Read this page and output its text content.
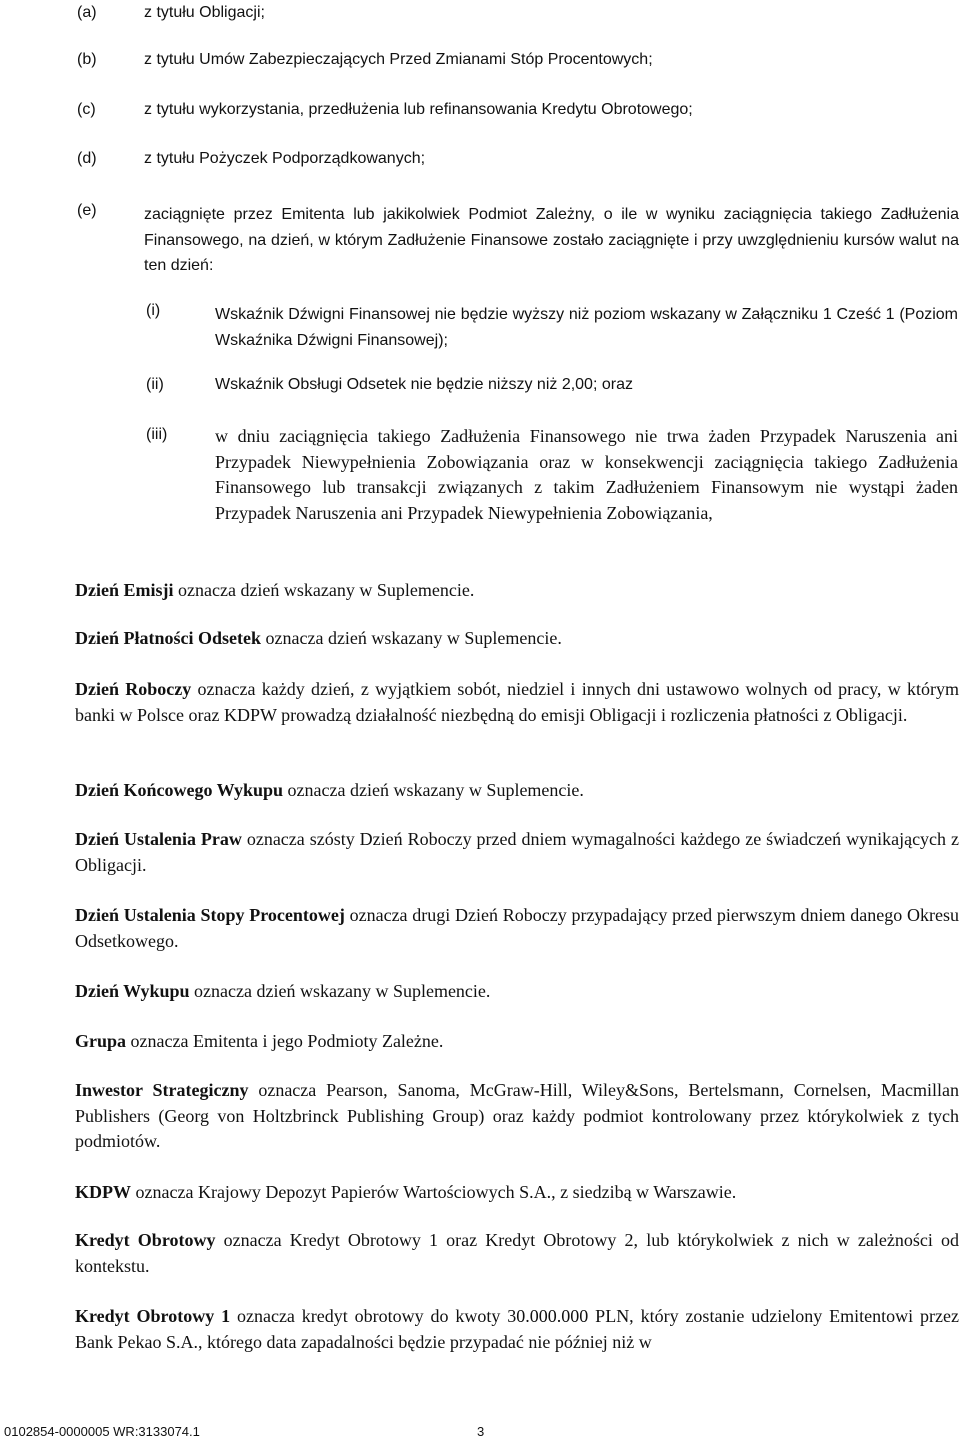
(a)	z tytułu Obligacji;
(b)	z tytułu Umów Zabezpieczających Przed Zmianami Stóp Procentowych;
(c)	z tytułu wykorzystania, przedłużenia lub refinansowania Kredytu Obrotowego;
(d)	z tytułu Pożyczek Podporządkowanych;
(e)	zaciągnięte przez Emitenta lub jakikolwiek Podmiot Zależny, o ile w wyniku zaciągnięcia takiego Zadłużenia Finansowego, na dzień, w którym Zadłużenie Finansowe zostało zaciągnięte i przy uwzględnieniu kursów walut na ten dzień:
(i)	Wskaźnik Dźwigni Finansowej nie będzie wyższy niż poziom wskazany w Załączniku 1 Cześć 1 (Poziom Wskaźnika Dźwigni Finansowej);
(ii)	Wskaźnik Obsługi Odsetek nie będzie niższy niż 2,00; oraz
(iii)	w dniu zaciągnięcia takiego Zadłużenia Finansowego nie trwa żaden Przypadek Naruszenia ani Przypadek Niewypełnienia Zobowiązania oraz w konsekwencji zaciągnięcia takiego Zadłużenia Finansowego lub transakcji związanych z takim Zadłużeniem Finansowym nie wystąpi żaden Przypadek Naruszenia ani Przypadek Niewypełnienia Zobowiązania,

Dzień Emisji oznacza dzień wskazany w Suplemencie.

Dzień Płatności Odsetek oznacza dzień wskazany w Suplemencie.

Dzień Roboczy oznacza każdy dzień, z wyjątkiem sobót, niedziel i innych dni ustawowo wolnych od pracy, w którym banki w Polsce oraz KDPW prowadzą działalność niezbędną do emisji Obligacji i rozliczenia płatności z Obligacji.

Dzień Końcowego Wykupu oznacza dzień wskazany w Suplemencie.

Dzień Ustalenia Praw oznacza szósty Dzień Roboczy przed dniem wymagalności każdego ze świadczeń wynikających z Obligacji.

Dzień Ustalenia Stopy Procentowej oznacza drugi Dzień Roboczy przypadający przed pierwszym dniem danego Okresu Odsetkowego.

Dzień Wykupu oznacza dzień wskazany w Suplemencie.

Grupa oznacza Emitenta i jego Podmioty Zależne.

Inwestor Strategiczny oznacza Pearson, Sanoma, McGraw-Hill, Wiley&Sons, Bertelsmann, Cornelsen, Macmillan Publishers (Georg von Holtzbrinck Publishing Group) oraz każdy podmiot kontrolowany przez którykolwiek z tych podmiotów.

KDPW oznacza Krajowy Depozyt Papierów Wartościowych S.A., z siedzibą w Warszawie.

Kredyt Obrotowy oznacza Kredyt Obrotowy 1 oraz Kredyt Obrotowy 2, lub którykolwiek z nich w zależności od kontekstu.

Kredyt Obrotowy 1 oznacza kredyt obrotowy do kwoty 30.000.000 PLN, który zostanie udzielony Emitentowi przez Bank Pekao S.A., którego data zapadalności będzie przypadać nie później niż w

0102854-0000005 WR:3133074.1	3
